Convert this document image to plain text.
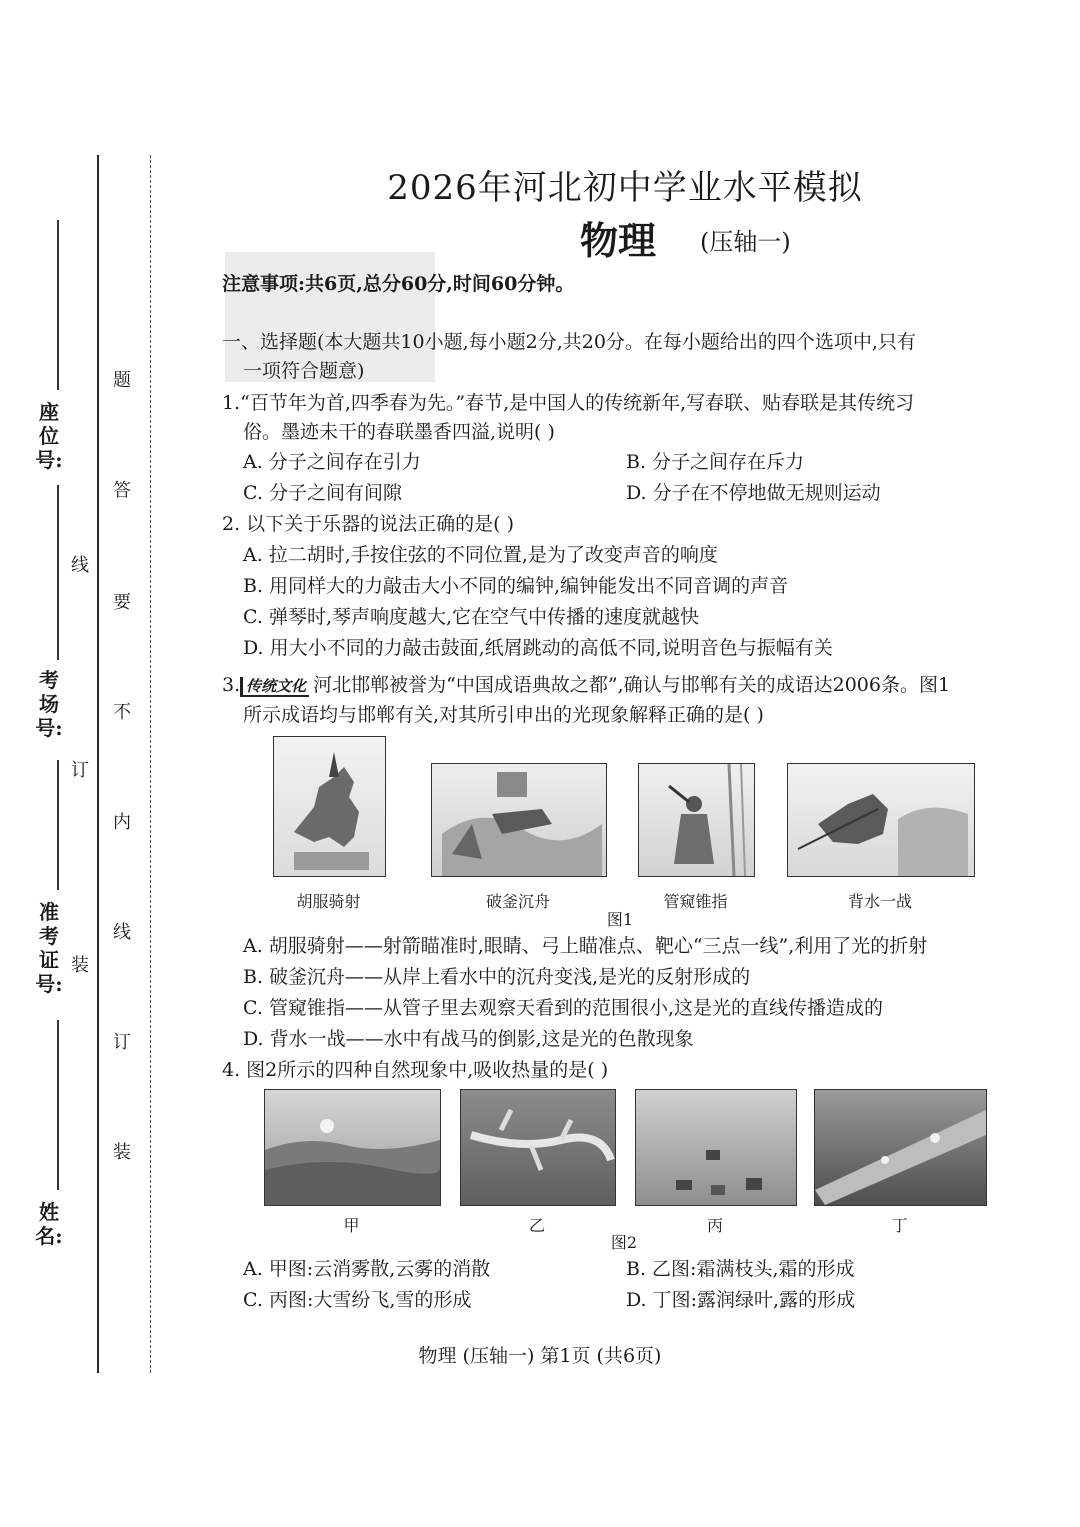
座位号:
考场号:
准考证号:
姓名:
线
订
装
题
答
要
不
内
线
订
装
2026年河北初中学业水平模拟
物理 (压轴一)
注意事项:共6页,总分60分,时间60分钟。
一、选择题(本大题共10小题,每小题2分,共20分。在每小题给出的四个选项中,只有
一项符合题意)
1.“百节年为首,四季春为先。”春节,是中国人的传统新年,写春联、贴春联是其传统习
俗。墨迹未干的春联墨香四溢,说明( )
A. 分子之间存在引力	B. 分子之间存在斥力
C. 分子之间有间隙	D. 分子在不停地做无规则运动
2. 以下关于乐器的说法正确的是( )
A. 拉二胡时,手按住弦的不同位置,是为了改变声音的响度
B. 用同样大的力敲击大小不同的编钟,编钟能发出不同音调的声音
C. 弹琴时,琴声响度越大,它在空气中传播的速度就越快
D. 用大小不同的力敲击鼓面,纸屑跳动的高低不同,说明音色与振幅有关
3. 传统文化 河北邯郸被誉为“中国成语典故之都”,确认与邯郸有关的成语达2006条。图1
所示成语均与邯郸有关,对其所引申出的光现象解释正确的是( )
胡服骑射	破釜沉舟	管窥锥指	背水一战
图1
A. 胡服骑射——射箭瞄准时,眼睛、弓上瞄准点、靶心“三点一线”,利用了光的折射
B. 破釜沉舟——从岸上看水中的沉舟变浅,是光的反射形成的
C. 管窥锥指——从管子里去观察天看到的范围很小,这是光的直线传播造成的
D. 背水一战——水中有战马的倒影,这是光的色散现象
4. 图2所示的四种自然现象中,吸收热量的是( )
甲	乙	丙	丁
图2
A. 甲图:云消雾散,云雾的消散	B. 乙图:霜满枝头,霜的形成
C. 丙图:大雪纷飞,雪的形成	D. 丁图:露润绿叶,露的形成
物理 (压轴一) 第1页 (共6页)
